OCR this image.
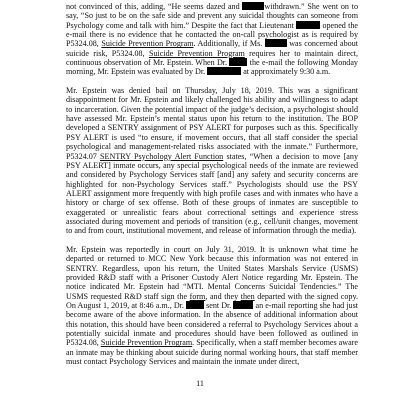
not convinced of this, adding, “He seems dazed and	withdrawn.” She went on to say, “So just to be on the safe side and prevent any suicidal thoughts can someone from Psychology come and talk with him.” Despite the fact that Lieutenant	opened the e-mail there is no evidence that he contacted the on-call psychologist as is required by P5324.08, Suicide Prevention Program. Additionally, if Ms.	was concerned about suicide risk, P5324.08, Suicide Prevention Program requires her to maintain direct, continuous observation of Mr. Epstein. When Dr.  the e-mail the following Monday morning, Mr. Epstein was evaluated by Dr.	at approximately 9:30 a.m.

Mr. Epstein was denied bail on Thursday, July 18, 2019. This was a significant disappointment for Mr. Epstein and likely challenged his ability and willingness to adapt to incarceration. Given the potential impact of the judge’s decision, a psychologist should have assessed Mr. Epstein’s mental status upon his return to the institution. The BOP developed a SENTRY assignment of PSY ALERT for purposes such as this. Specifically PSY ALERT is used “to ensure, if movement occurs, that all staff consider the special psychological and management-related risks associated with the inmate.” Furthermore, P5324.07 SENTRY Psychology Alert Function states, “When a decision to move [any PSY ALERT] inmate occurs, any special psychological needs of the inmate are reviewed and considered by Psychology Services staff [and] any safety and security concerns are highlighted for non-Psychology Services staff.” Psychologists should use the PSY ALERT assignment more frequently with high profile cases and with inmates who have a history or charge of sex offense. Both of these groups of inmates are susceptible to exaggerated or unrealistic fears about correctional settings and experience stress associated during movement and periods of transition (e.g., cell/unit changes, movement to and from court, institutional movement, and release of information through the media).

Mr. Epstein was reportedly in court on July 31, 2019. It is unknown what time he departed or returned to MCC New York because this information was not entered in SENTRY. Regardless, upon his return, the United States Marshals Service (USMS) provided R&D staff with a Prisoner Custody Alert Notice regarding Mr. Epstein. The notice indicated Mr. Epstein had “MTI. Mental Concerns Suicidal Tendencies.” The USMS requested R&D staff sign the form, and they then departed with the signed copy. On August 1, 2019, at 8:46 a.m., Dr.  sent Dr.  an e-mail reporting she had just become aware of the above information. In the absence of additional information about this notation, this should have been considered a referral to Psychology Services about a potentially suicidal inmate and procedures should have been followed as outlined in P5324.08, Suicide Prevention Program. Specifically, when a staff member becomes aware an inmate may be thinking about suicide during normal working hours, that staff member must contact Psychology Services and maintain the inmate under direct,

11
